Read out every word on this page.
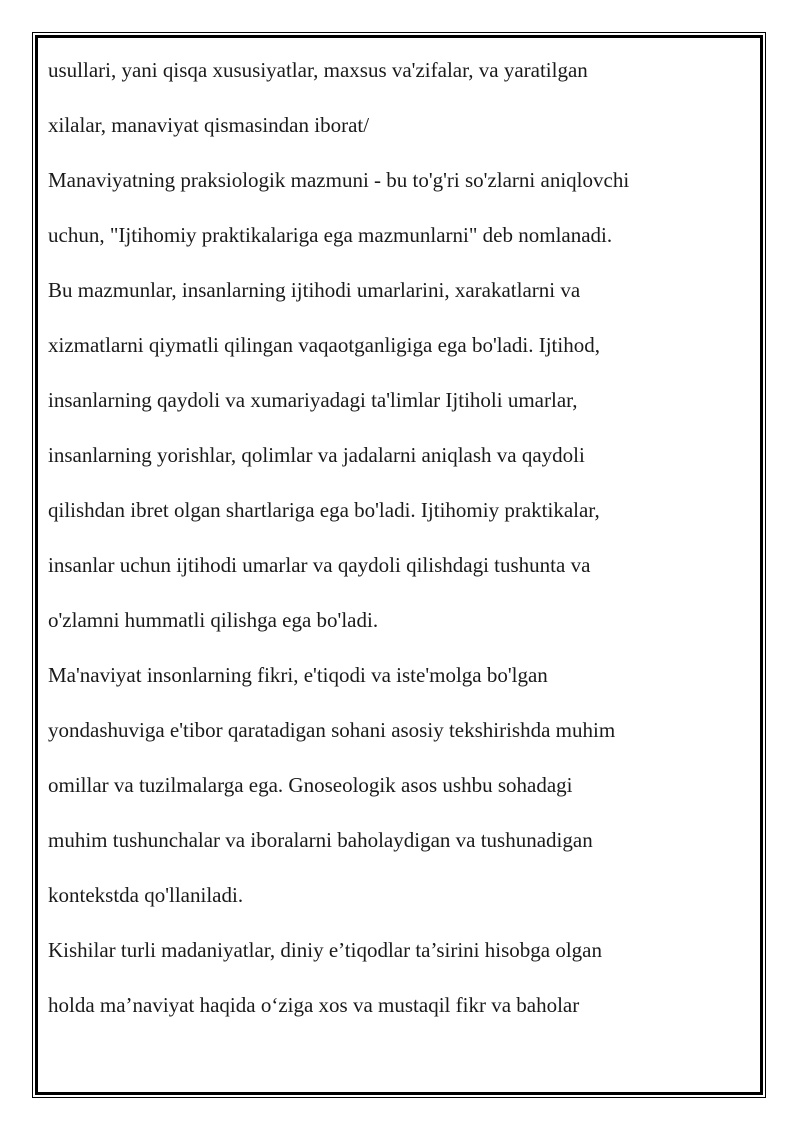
usullari, yani qisqa xususiyatlar, maxsus va'zifalar, va yaratilgan
xilalar, manaviyat qismasindan iborat/
Manaviyatning praksiologik mazmuni - bu to'g'ri so'zlarni aniqlovchi
uchun, "Ijtihomiy praktikalariga ega mazmunlarni" deb nomlanadi.
Bu mazmunlar, insanlarning ijtihodi umarlarini, xarakatlarni va
xizmatlarni qiymatli qilingan vaqaotganligiga ega bo'ladi. Ijtihod,
insanlarning qaydoli va xumariyadagi ta'limlar Ijtiholi umarlar,
insanlarning yorishlar, qolimlar va jadalarni aniqlash va qaydoli
qilishdan ibret olgan shartlariga ega bo'ladi. Ijtihomiy praktikalar,
insanlar uchun ijtihodi umarlar va qaydoli qilishdagi tushunta va
o'zlamni hummatli qilishga ega bo'ladi.
Ma'naviyat insonlarning fikri, e'tiqodi va iste'molga bo'lgan
yondashuviga e'tibor qaratadigan sohani asosiy tekshirishda muhim
omillar va tuzilmalarga ega. Gnoseologik asos ushbu sohadagi
muhim tushunchalar va iboralarni baholaydigan va tushunadigan
kontekstda qo'llaniladi.
Kishilar turli madaniyatlar, diniy e’tiqodlar ta’sirini hisobga olgan
holda ma’naviyat haqida o‘ziga xos va mustaqil fikr va baholar
